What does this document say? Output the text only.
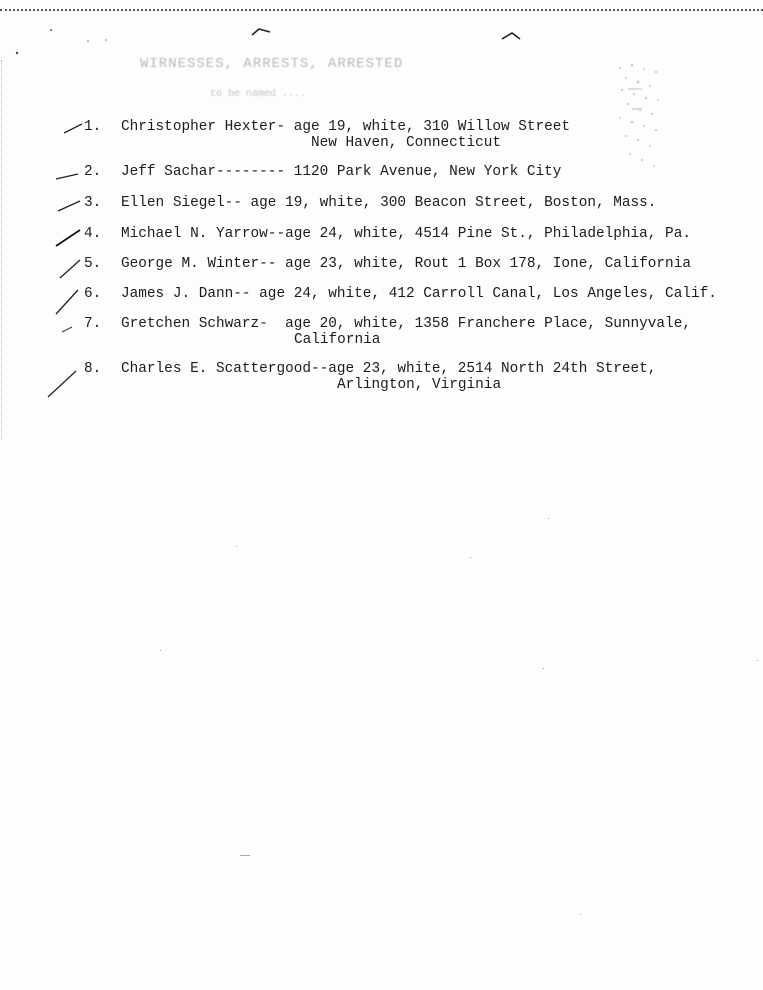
WIRNESSES, ARRESTS, ARRESTED
to be named ....

1.

Christopher Hexter- age 19, white, 310 Willow Street

New Haven, Connecticut

2.

Jeff Sachar-------- 1120 Park Avenue, New York City

3.

Ellen Siegel-- age 19, white, 300 Beacon Street, Boston, Mass.

4.

Michael N. Yarrow--age 24, white, 4514 Pine St., Philadelphia, Pa.

5.

George M. Winter-- age 23, white, Rout 1 Box 178, Ione, California

6.

James J. Dann-- age 24, white, 412 Carroll Canal, Los Angeles, Calif.

7.

Gretchen Schwarz-  age 20, white, 1358 Franchere Place, Sunnyvale,

California

8.

Charles E. Scattergood--age 23, white, 2514 North 24th Street,

Arlington, Virginia
